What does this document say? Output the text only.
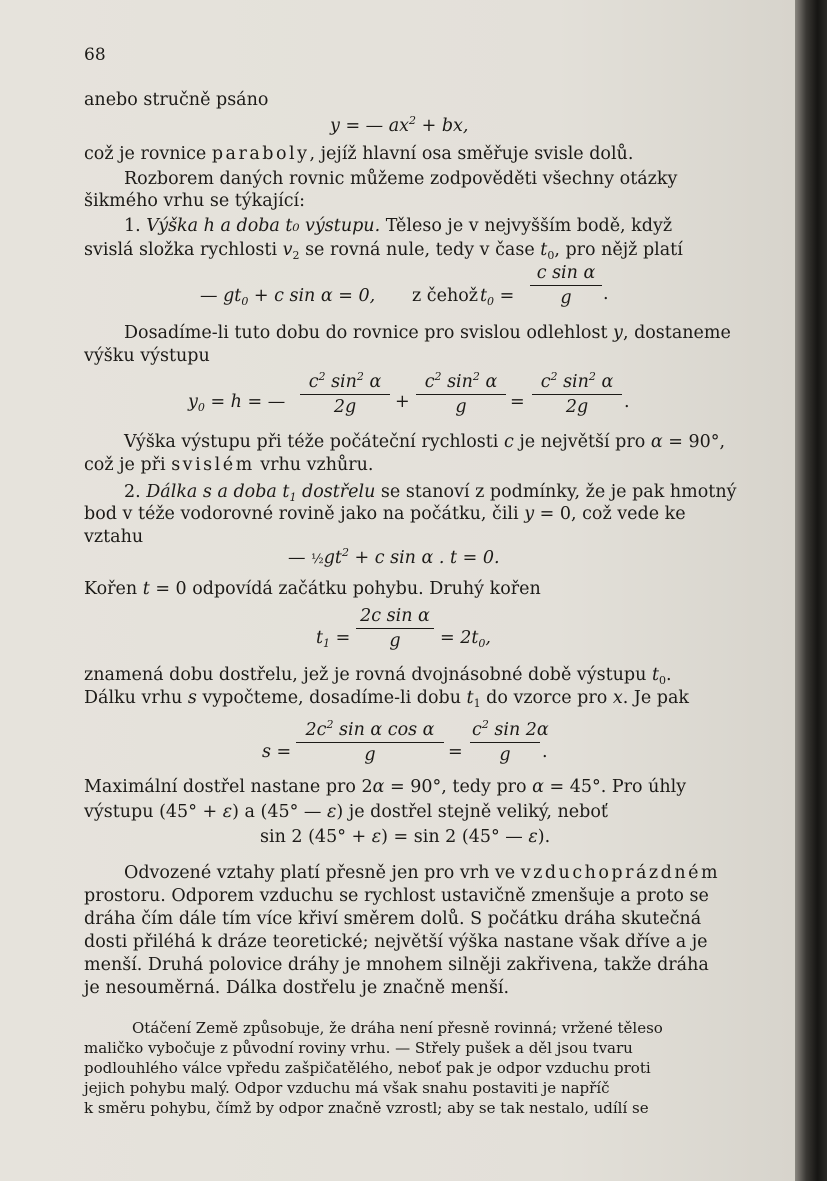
68
anebo stručně psáno
y = — $ax^2$ + bx,
což je rovnice paraboly, jejíž hlavní osa směřuje svisle dolů.
Rozborem daných rovnic můžeme zodpověděti všechny otázky
šikmého vrhu se týkající:
1. Výška h a doba t₀ výstupu. Těleso je v nejvyšším bodě, když
svislá složka rychlosti $v_2$ se rovná nule, tedy v čase $t_0$, pro nějž platí
— $gt_0 + c$ sin α = 0, z čehož $t_0$ =
c sin α
g	.
Dosadíme-li tuto dobu do rovnice pro svislou odlehlost y, dostaneme
výšku výstupu
$y_0 = h$ = —
$c^2$ $\sin^2 \alpha$
2g	+
$c^2$ $\sin^2 \alpha$
g	=
$c^2$ $\sin^2 \alpha$
2g	.
Výška výstupu při téže počáteční rychlosti c je největší pro α = 90°,
což je při svislém vrhu vzhůru.
2. Dálka s a doba $t_1$ dostřelu se stanoví z podmínky, že je pak hmotný
bod v téže vodorovné rovině jako na počátku, čili y = 0, což vede ke
vztahu
— $\frac{1}{2}gt^2 + c$ sin α . t = 0.
Kořen t = 0 odpovídá začátku pohybu. Druhý kořen
$t_1$ =
2c sin α
g	= $2t_0$,
znamená dobu dostřelu, jež je rovná dvojnásobné době výstupu $t_0$.
Dálku vrhu s vypočteme, dosadíme-li dobu $t_1$ do vzorce pro x. Je pak
s =
$2c^2$ sin α cos α
g	=
$c^2$ sin 2α
g	.
Maximální dostřel nastane pro 2α = 90°, tedy pro α = 45°. Pro úhly
výstupu (45° + ε) a (45° — ε) je dostřel stejně veliký, neboť
sin 2 (45° + ε) = sin 2 (45° — ε).
Odvozené vztahy platí přesně jen pro vrh ve vzduchoprázdném
prostoru. Odporem vzduchu se rychlost ustavičně zmenšuje a proto se
dráha čím dále tím více křiví směrem dolů. S počátku dráha skutečná
dosti přiléhá k dráze teoretické; největší výška nastane však dříve a je
menší. Druhá polovice dráhy je mnohem silněji zakřivena, takže dráha
je nesouměrná. Dálka dostřelu je značně menší.
Otáčení Země způsobuje, že dráha není přesně rovinná; vržené těleso
maličko vybočuje z původní roviny vrhu. — Střely pušek a děl jsou tvaru
podlouhlého válce vpředu zašpičatělého, neboť pak je odpor vzduchu proti
jejich pohybu malý. Odpor vzduchu má však snahu postaviti je napříč
k směru pohybu, čímž by odpor značně vzrostl; aby se tak nestalo, udílí se
